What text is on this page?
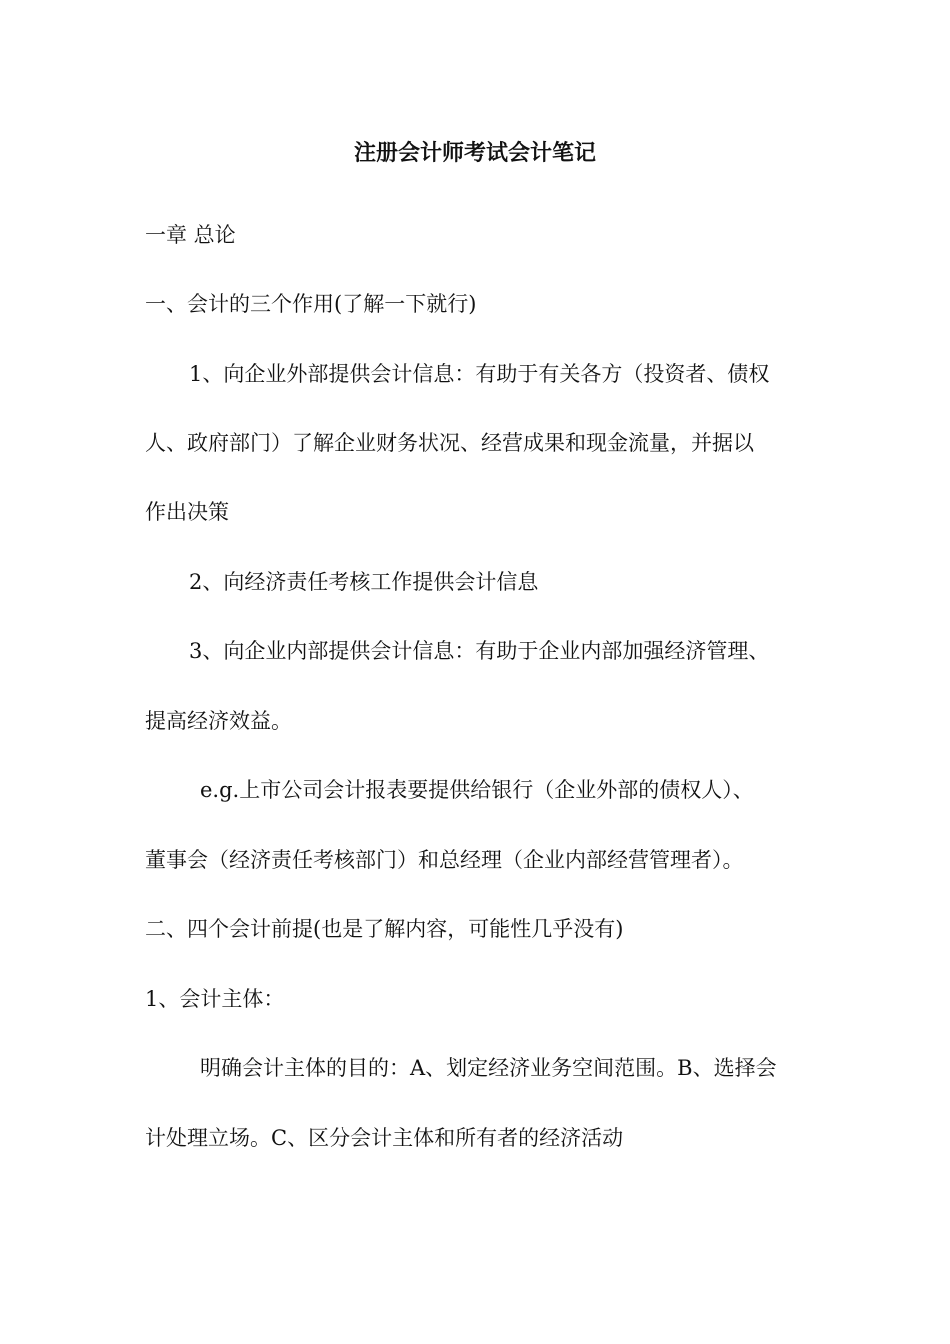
注册会计师考试会计笔记
一章 总论
一、会计的三个作用(了解一下就行)
1、向企业外部提供会计信息：有助于有关各方（投资者、债权
人、政府部门）了解企业财务状况、经营成果和现金流量，并据以
作出决策
2、向经济责任考核工作提供会计信息
3、向企业内部提供会计信息：有助于企业内部加强经济管理、
提高经济效益。
e.g.上市公司会计报表要提供给银行（企业外部的债权人）、
董事会（经济责任考核部门）和总经理（企业内部经营管理者）。
二、四个会计前提(也是了解内容，可能性几乎没有)
1、会计主体：
明确会计主体的目的：A、划定经济业务空间范围。B、选择会
计处理立场。C、区分会计主体和所有者的经济活动
